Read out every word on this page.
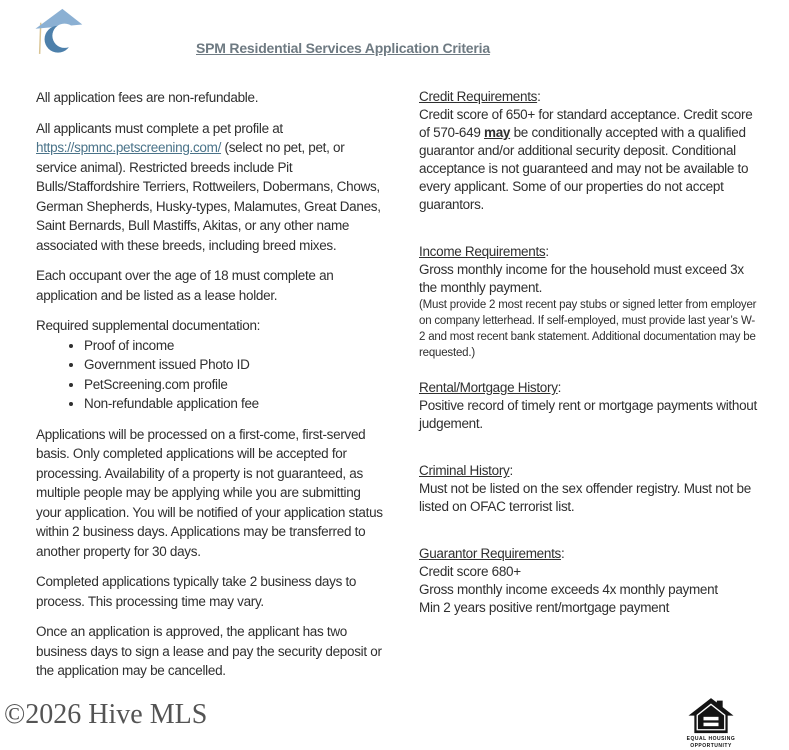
SPM Residential Services Application Criteria

All application fees are non-refundable.

All applicants must complete a pet profile at https://spmnc.petscreening.com/ (select no pet, pet, or service animal). Restricted breeds include Pit Bulls/Staffordshire Terriers, Rottweilers, Dobermans, Chows, German Shepherds, Husky-types, Malamutes, Great Danes, Saint Bernards, Bull Mastiffs, Akitas, or any other name associated with these breeds, including breed mixes.

Each occupant over the age of 18 must complete an application and be listed as a lease holder.

Required supplemental documentation:

• Proof of income
• Government issued Photo ID
• PetScreening.com profile
• Non-refundable application fee

Applications will be processed on a first-come, first-served basis. Only completed applications will be accepted for processing. Availability of a property is not guaranteed, as multiple people may be applying while you are submitting your application. You will be notified of your application status within 2 business days. Applications may be transferred to another property for 30 days.

Completed applications typically take 2 business days to process. This processing time may vary.

Once an application is approved, the applicant has two business days to sign a lease and pay the security deposit or the application may be cancelled.

Credit Requirements:

Credit score of 650+ for standard acceptance. Credit score of 570-649 may be conditionally accepted with a qualified guarantor and/or additional security deposit. Conditional acceptance is not guaranteed and may not be available to every applicant. Some of our properties do not accept guarantors.

Income Requirements:

Gross monthly income for the household must exceed 3x the monthly payment.

(Must provide 2 most recent pay stubs or signed letter from employer on company letterhead. If self-employed, must provide last year’s W-2 and most recent bank statement. Additional documentation may be requested.)

Rental/Mortgage History:

Positive record of timely rent or mortgage payments without judgement.

Criminal History:

Must not be listed on the sex offender registry. Must not be listed on OFAC terrorist list.

Guarantor Requirements:

Credit score 680+

Gross monthly income exceeds 4x monthly payment

Min 2 years positive rent/mortgage payment

©2026 Hive MLS
EQUAL HOUSING
OPPORTUNITY
